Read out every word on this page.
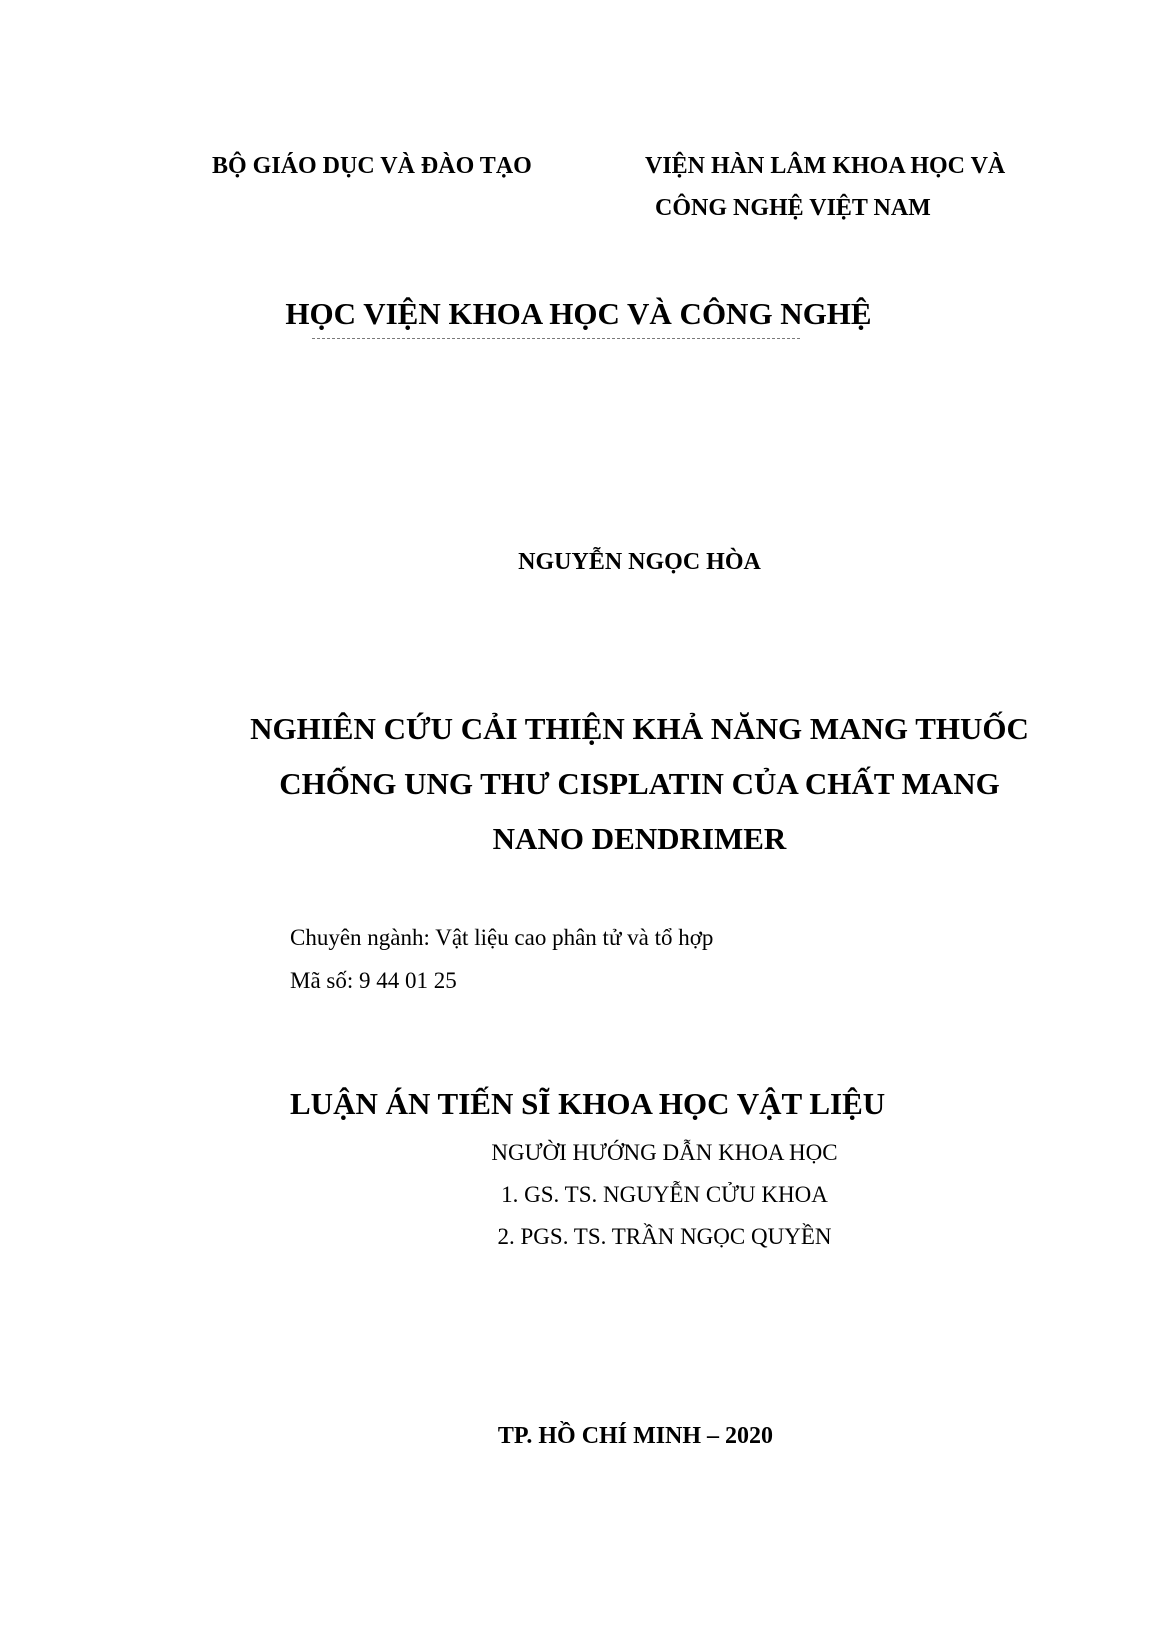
BỘ GIÁO DỤC VÀ ĐÀO TẠO	VIỆN HÀN LÂM KHOA HỌC VÀ
CÔNG NGHỆ VIỆT NAM
HỌC VIỆN KHOA HỌC VÀ CÔNG NGHỆ
NGUYỄN NGỌC HÒA
NGHIÊN CỨU CẢI THIỆN KHẢ NĂNG MANG THUỐC
CHỐNG UNG THƯ CISPLATIN CỦA CHẤT MANG
NANO DENDRIMER
Chuyên ngành: Vật liệu cao phân tử và tổ hợp
Mã số: 9 44 01 25
LUẬN ÁN TIẾN SĨ KHOA HỌC VẬT LIỆU
NGƯỜI HƯỚNG DẪN KHOA HỌC
1. GS. TS. NGUYỄN CỬU KHOA
2. PGS. TS. TRẦN NGỌC QUYỀN
TP. HỒ CHÍ MINH – 2020
